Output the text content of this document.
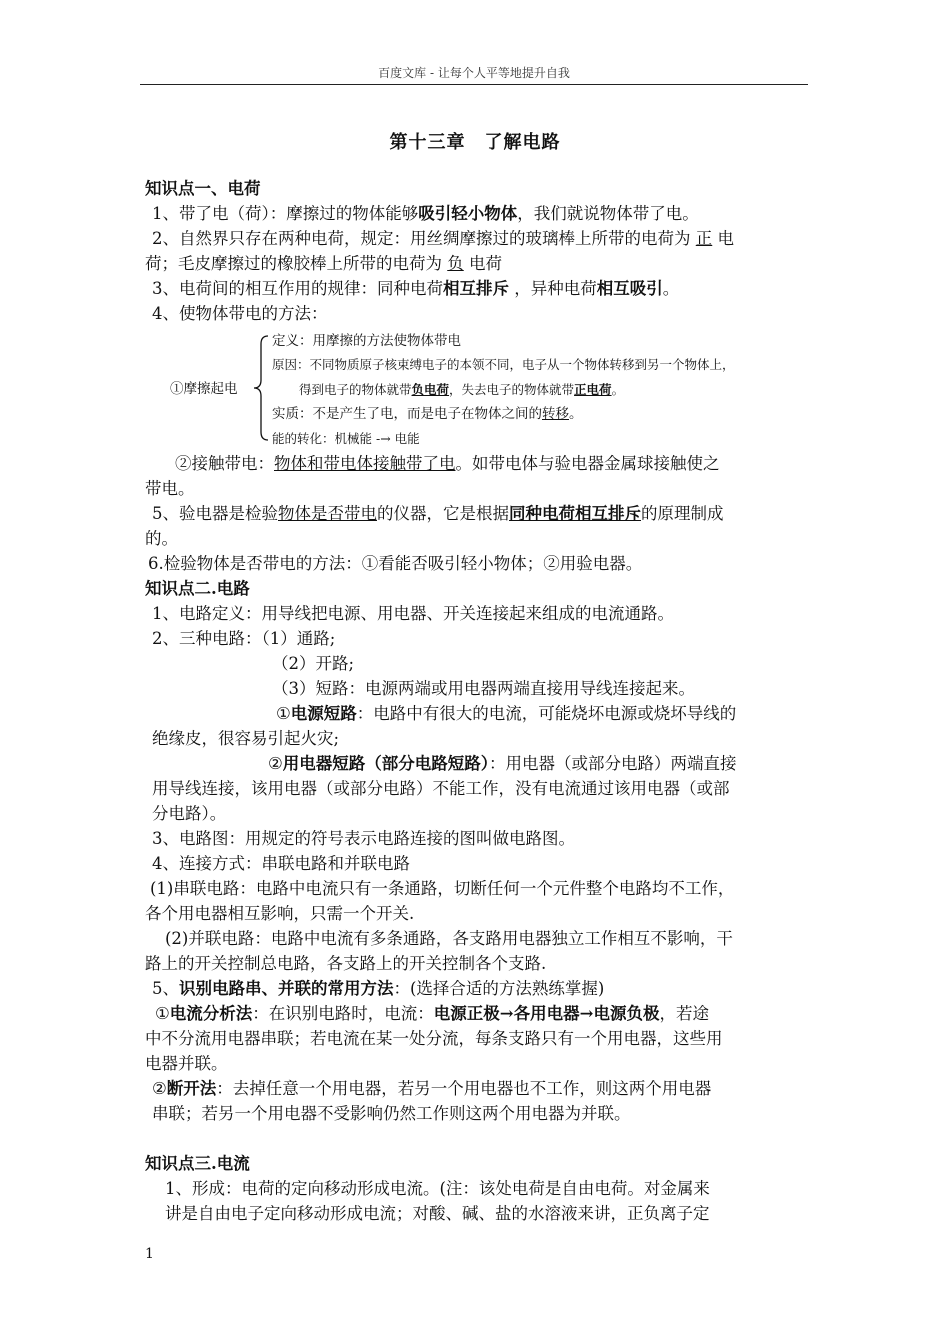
百度文库 - 让每个人平等地提升自我
第十三章　了解电路
知识点一、电荷
1、带了电（荷）：摩擦过的物体能够吸引轻小物体，我们就说物体带了电。
2、自然界只存在两种电荷，规定：用丝绸摩擦过的玻璃棒上所带的电荷为 正 电
荷；毛皮摩擦过的橡胶棒上所带的电荷为 负 电荷
3、电荷间的相互作用的规律：同种电荷相互排斥 ，异种电荷相互吸引。
4、使物体带电的方法：
定义：用摩擦的方法使物体带电
原因：不同物质原子核束缚电子的本领不同，电子从一个物体转移到另一个物体上，
①摩擦起电	得到电子的物体就带负电荷，失去电子的物体就带正电荷。
实质：不是产生了电，而是电子在物体之间的转移。
能的转化：机械能 -→ 电能
②接触带电：物体和带电体接触带了电。如带电体与验电器金属球接触使之
带电。
5、验电器是检验物体是否带电的仪器，它是根据同种电荷相互排斥的原理制成
的。
6.检验物体是否带电的方法：①看能否吸引轻小物体；②用验电器。
知识点二.电路
1、电路定义：用导线把电源、用电器、开关连接起来组成的电流通路。
2、三种电路：（1）通路;
（2）开路;
（3）短路：电源两端或用电器两端直接用导线连接起来。
①电源短路：电路中有很大的电流，可能烧坏电源或烧坏导线的
绝缘皮，很容易引起火灾;
②用电器短路（部分电路短路）：用电器（或部分电路）两端直接
用导线连接，该用电器（或部分电路）不能工作，没有电流通过该用电器（或部
分电路）。
3、电路图：用规定的符号表示电路连接的图叫做电路图。
4、连接方式：串联电路和并联电路
(1)串联电路：电路中电流只有一条通路，切断任何一个元件整个电路均不工作，
各个用电器相互影响，只需一个开关.
(2)并联电路：电路中电流有多条通路，各支路用电器独立工作相互不影响，干
路上的开关控制总电路，各支路上的开关控制各个支路.
5、识别电路串、并联的常用方法：(选择合适的方法熟练掌握)
①电流分析法：在识别电路时，电流：电源正极→各用电器→电源负极，若途
中不分流用电器串联；若电流在某一处分流，每条支路只有一个用电器，这些用
电器并联。
②断开法：去掉任意一个用电器，若另一个用电器也不工作，则这两个用电器
串联；若另一个用电器不受影响仍然工作则这两个用电器为并联。
知识点三.电流
1、形成：电荷的定向移动形成电流。(注：该处电荷是自由电荷。对金属来
讲是自由电子定向移动形成电流；对酸、碱、盐的水溶液来讲，正负离子定
1
